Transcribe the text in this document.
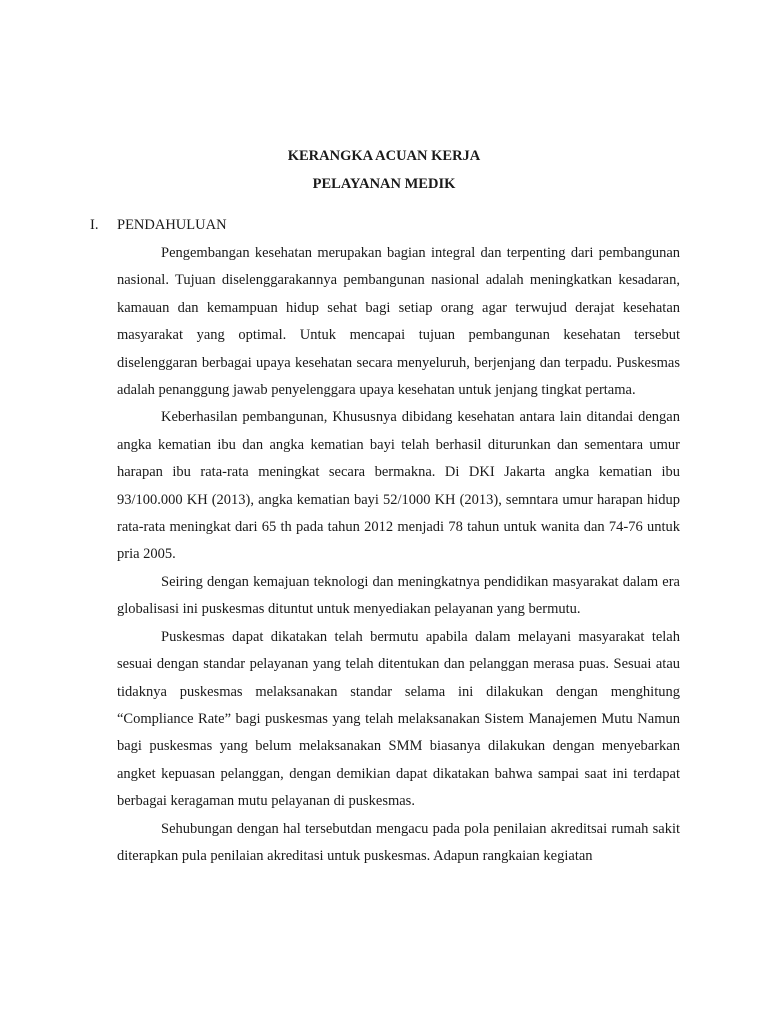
KERANGKA ACUAN KERJA
PELAYANAN MEDIK
I. PENDAHULUAN

Pengembangan kesehatan merupakan bagian integral dan terpenting dari pembangunan nasional. Tujuan diselenggarakannya pembangunan nasional adalah meningkatkan kesadaran, kamauan dan kemampuan hidup sehat bagi setiap orang agar terwujud derajat kesehatan masyarakat yang optimal. Untuk mencapai tujuan pembangunan kesehatan tersebut diselenggaran berbagai upaya kesehatan secara menyeluruh, berjenjang dan terpadu. Puskesmas adalah penanggung jawab penyelenggara upaya kesehatan untuk jenjang tingkat pertama.

Keberhasilan pembangunan, Khususnya dibidang kesehatan antara lain ditandai dengan angka kematian ibu dan angka kematian bayi telah berhasil diturunkan dan sementara umur harapan ibu rata-rata meningkat secara bermakna. Di DKI Jakarta angka kematian ibu 93/100.000 KH (2013), angka kematian bayi 52/1000 KH (2013), semntara umur harapan hidup rata-rata meningkat dari 65 th pada tahun 2012 menjadi 78 tahun untuk wanita dan 74-76 untuk pria 2005.

Seiring dengan kemajuan teknologi dan meningkatnya pendidikan masyarakat dalam era globalisasi ini puskesmas dituntut untuk menyediakan pelayanan yang bermutu.

Puskesmas dapat dikatakan telah bermutu apabila dalam melayani masyarakat telah sesuai dengan standar pelayanan yang telah ditentukan dan pelanggan merasa puas. Sesuai atau tidaknya puskesmas melaksanakan standar selama ini dilakukan dengan menghitung “Compliance Rate” bagi puskesmas yang telah melaksanakan Sistem Manajemen Mutu Namun bagi puskesmas yang belum melaksanakan SMM biasanya dilakukan dengan menyebarkan angket kepuasan pelanggan, dengan demikian dapat dikatakan bahwa sampai saat ini terdapat berbagai keragaman mutu pelayanan di puskesmas.

Sehubungan dengan hal tersebutdan mengacu pada pola penilaian akreditsai rumah sakit diterapkan pula penilaian akreditasi untuk puskesmas. Adapun rangkaian kegiatan
